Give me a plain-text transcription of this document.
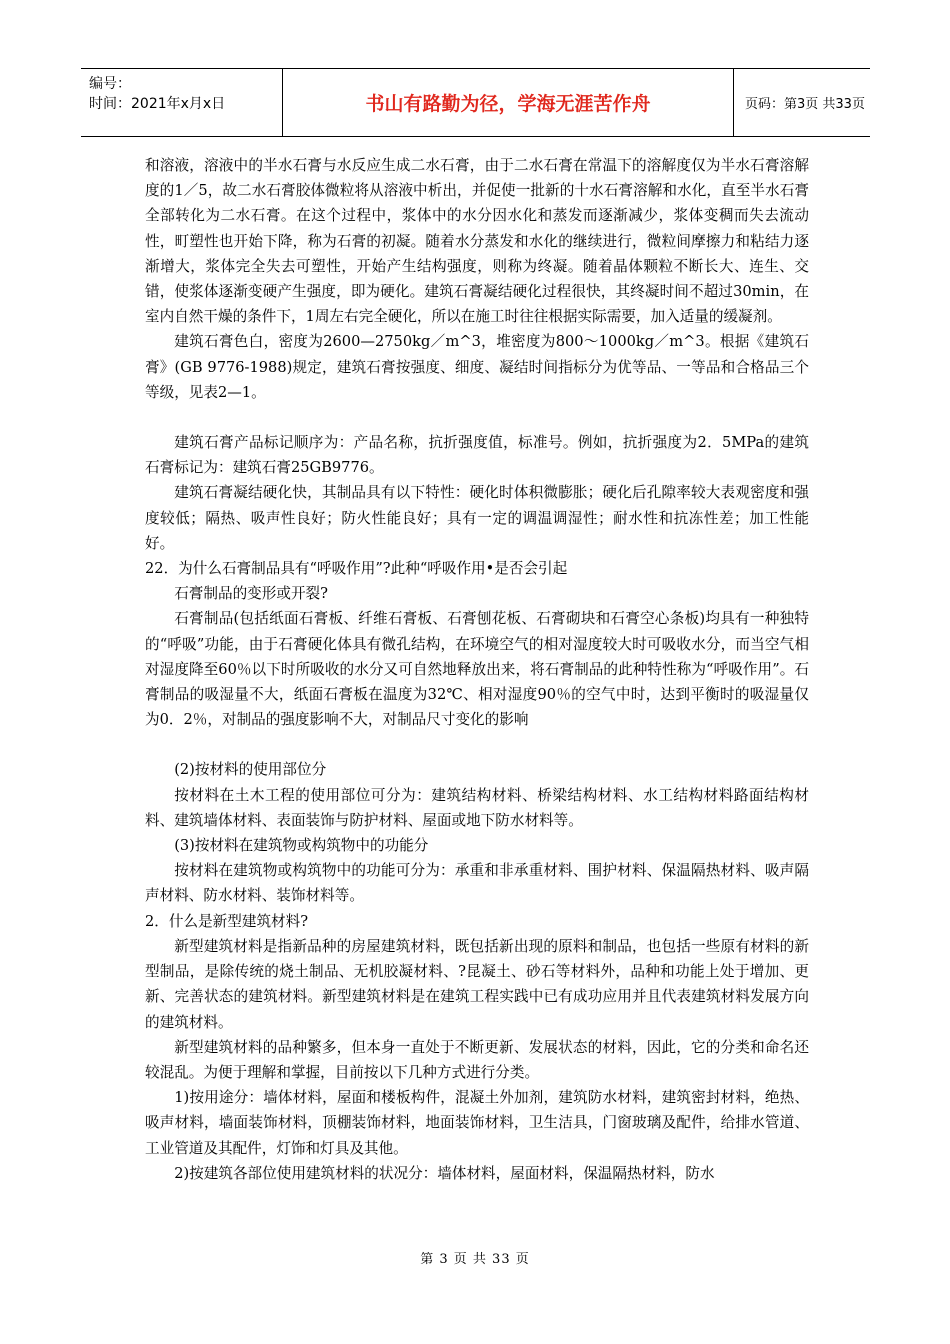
编号：
时间：2021年x月x日	书山有路勤为径，学海无涯苦作舟	页码：第3页 共33页

和溶液，溶液中的半水石膏与水反应生成二水石膏，由于二水石膏在常温下的溶解度仅为半水石膏溶解度的1／5，故二水石膏胶体微粒将从溶液中析出，并促使一批新的十水石膏溶解和水化，直至半水石膏全部转化为二水石膏。在这个过程中，浆体中的水分因水化和蒸发而逐渐减少，浆体变稠而失去流动性，町塑性也开始下降，称为石膏的初凝。随着水分蒸发和水化的继续进行，微粒间摩擦力和粘结力逐渐增大，浆体完全失去可塑性，开始产生结构强度，则称为终凝。随着晶体颗粒不断长大、连生、交错，使浆体逐渐变硬产生强度，即为硬化。建筑石膏凝结硬化过程很快，其终凝时间不超过30min，在室内自然干燥的条件下，1周左右完全硬化，所以在施工时往往根据实际需要，加入适量的缓凝剂。

建筑石膏色白，密度为2600—2750kg／m^3，堆密度为800～1000kg／m^3。根据《建筑石膏》(GB 9776-1988)规定，建筑石膏按强度、细度、凝结时间指标分为优等品、一等品和合格品三个等级，见表2—1。

建筑石膏产品标记顺序为：产品名称，抗折强度值，标准号。例如，抗折强度为2．5MPa的建筑石膏标记为：建筑石膏25GB9776。

建筑石膏凝结硬化快，其制品具有以下特性：硬化时体积微膨胀；硬化后孔隙率较大表观密度和强度较低；隔热、吸声性良好；防火性能良好；具有一定的调温调湿性；耐水性和抗冻性差；加工性能好。

22．为什么石膏制品具有“呼吸作用”?此种“呼吸作用•是否会引起

石膏制品的变形或开裂?

石膏制品(包括纸面石膏板、纤维石膏板、石膏刨花板、石膏砌块和石膏空心条板)均具有一种独特的“呼吸”功能，由于石膏硬化体具有微孔结构，在环境空气的相对湿度较大时可吸收水分，而当空气相对湿度降至60％以下时所吸收的水分又可自然地释放出来，将石膏制品的此种特性称为“呼吸作用”。石膏制品的吸湿量不大，纸面石膏板在温度为32℃、相对湿度90％的空气中时，达到平衡时的吸湿量仅为0．2％，对制品的强度影响不大，对制品尺寸变化的影响

(2)按材料的使用部位分

按材料在土木工程的使用部位可分为：建筑结构材料、桥梁结构材料、水工结构材料路面结构材料、建筑墙体材料、表面装饰与防护材料、屋面或地下防水材料等。

(3)按材料在建筑物或构筑物中的功能分

按材料在建筑物或构筑物中的功能可分为：承重和非承重材料、围护材料、保温隔热材料、吸声隔声材料、防水材料、装饰材料等。

2．什么是新型建筑材料?

新型建筑材料是指新品种的房屋建筑材料，既包括新出现的原料和制品，也包括一些原有材料的新型制品，是除传统的烧土制品、无机胶凝材料、?昆凝土、砂石等材料外，品种和功能上处于增加、更新、完善状态的建筑材料。新型建筑材料是在建筑工程实践中已有成功应用并且代表建筑材料发展方向的建筑材料。

新型建筑材料的品种繁多，但本身一直处于不断更新、发展状态的材料，因此，它的分类和命名还较混乱。为便于理解和掌握，目前按以下几种方式进行分类。

1)按用途分：墙体材料，屋面和楼板构件，混凝土外加剂，建筑防水材料，建筑密封材料，绝热、吸声材料，墙面装饰材料，顶棚装饰材料，地面装饰材料，卫生洁具，门窗玻璃及配件，给排水管道、工业管道及其配件，灯饰和灯具及其他。

2)按建筑各部位使用建筑材料的状况分：墙体材料，屋面材料，保温隔热材料，防水

第 3 页 共 33 页
